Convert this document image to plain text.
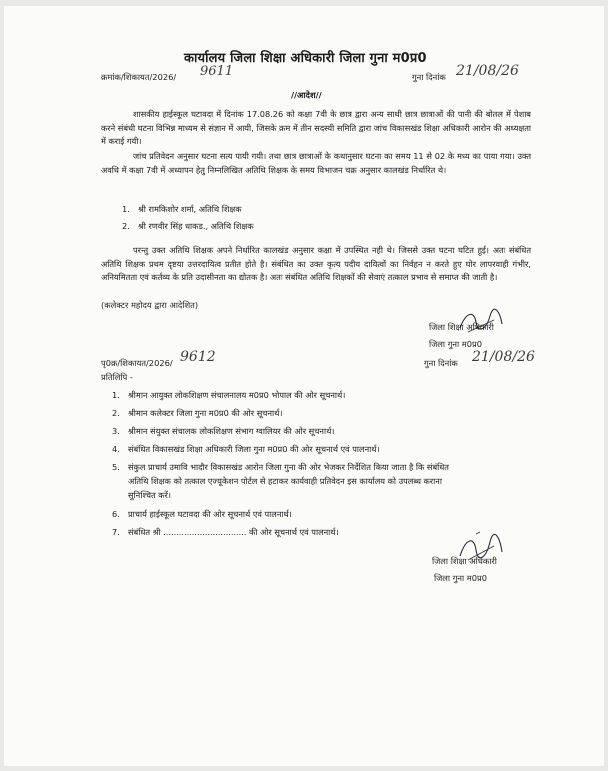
कार्यालय जिला शिक्षा अधिकारी जिला गुना म0प्र0
क्रमांक/शिकायत/2026/ 9611	गुना दिनांक 21/08/26
//आदेश//
शासकीय हाईस्कूल घटावदा में दिनांक 17.08.26 को कक्षा 7वी के छात्र द्वारा अन्य साथी छात्र छात्राओं की पानी की बोतल में पेशाब करने संबंधी घटना विभिन्न माध्यम से संज्ञान में आयी, जिसके क्रम में तीन सदस्यी समिति द्वारा जांच विकासखंड शिक्षा अधिकारी आरोन की अध्यक्षता में कराई गयी।
जांच प्रतिवेदन अनुसार घटना सत्य पायी गयी। तथा छात्र छात्राओं के कथानुसार घटना का समय 11 से 02 के मध्य का पाया गया। उक्त अवधि में कक्षा 7वी में अध्यापन हेतु निम्नलिखित अतिथि शिक्षक के समय विभाजन चक्र अनुसार कालखंड निर्धारित थे।
1. श्री रामकिशोर शर्मा, अतिथि शिक्षक
2. श्री रणवीर सिंह धाकड., अतिथि शिक्षक
परन्तु उक्त अतिथि शिक्षक अपने निर्धारित कालखंड अनुसार कक्षा में उपस्थित नही थे। जिससे उक्त घटना घटित हुई। अतः संबंधित अतिथि शिक्षक प्रथम दृष्टया उत्तरदायित्व प्रतीत होते है। संबंधित का उक्त कृत्य पदीय दायित्वों का निर्वहन न करते हुए घोर लापरवाही गंभीर, अनियमितता एवं कर्तव्य के प्रति उदासीनता का द्योतक है। अतः संबंधित अतिथि शिक्षकों की सेवाएं तत्काल प्रभाव से समाप्त की जाती है।
(कलेक्टर महोदय द्वारा आदेशित)
जिला शिक्षा अधिकारी
जिला गुना म0प्र0
पृ0क्र/शिकायत/2026/ 9612	गुना दिनांक 21/08/26
प्रतिलिपि -
1. श्रीमान आयुक्त लोकशिक्षण संचालनालय म0प्र0 भोपाल की ओर सूचनार्थ।
2. श्रीमान कलेक्टर जिला गुना म0प्र0 की ओर सूचनार्थ।
3. श्रीमान संयुक्त संचालक लोकशिक्षण संभाग ग्वालियर की ओर सूचनार्थ।
4. संबंधित विकासखंड शिक्षा अधिकारी जिला गुना म0प्र0 की ओर सूचनार्थ एवं पालनार्थ।
5. संकुल प्राचार्य उमावि भादौर विकासखंड आरोन जिला गुना की ओर भेजकर निर्देशित किया जाता है कि संबंधित
अतिथि शिक्षक को तत्काल एज्यूकेशन पोर्टल से हटाकर कार्यवाही प्रतिवेदन इस कार्यालय को उपलब्ध कराना
सुनिश्चित करें।
6. प्राचार्य हाईस्कूल घटावदा की ओर सूचनार्थ एवं पालनार्थ।
7. संबंधित श्री ................................ की ओर सूचनार्थ एवं पालनार्थ।
जिला शिक्षा अधिकारी
जिला गुना म0प्र0
